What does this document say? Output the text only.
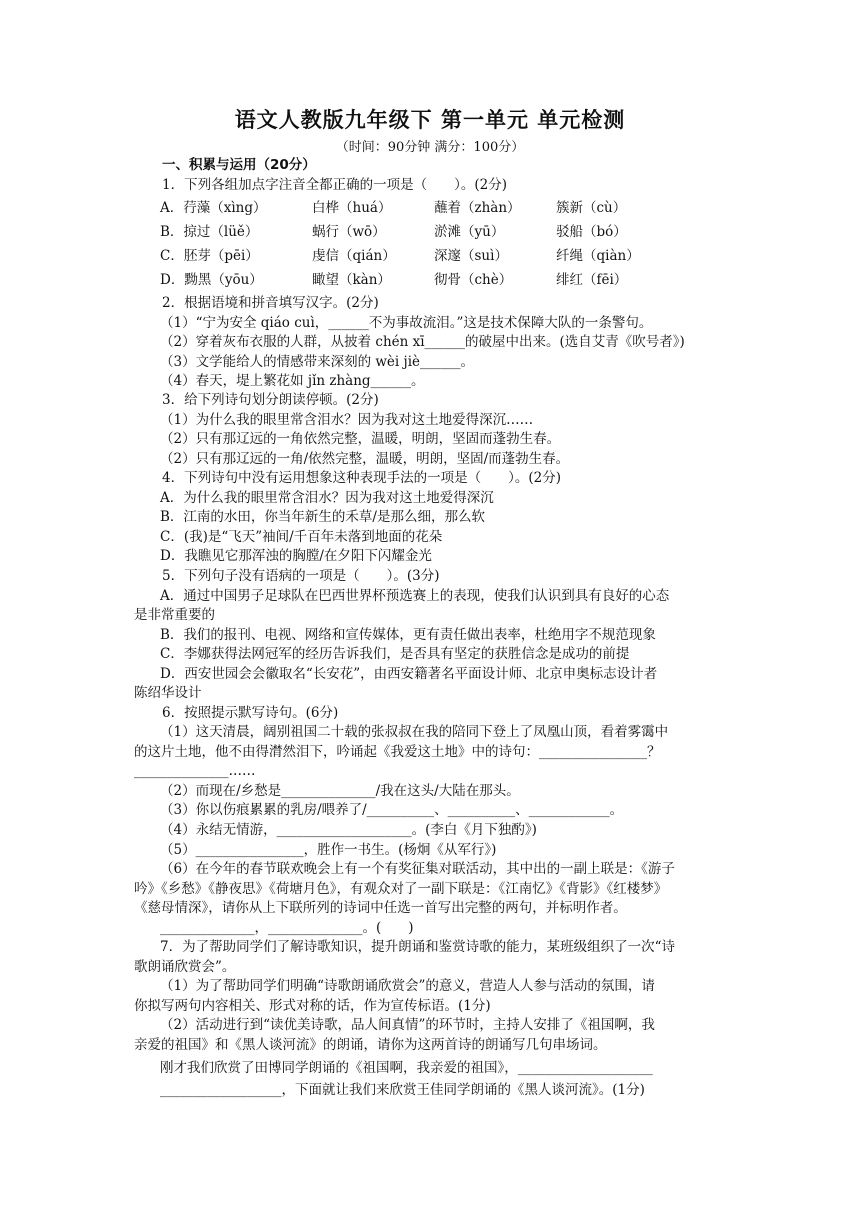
语文人教版九年级下 第一单元 单元检测
（时间：90分钟 满分：100分）
一、积累与运用（20分）
1．下列各组加点字注音全都正确的一项是（　　）。(2分)
A．荇藻（xìng）	白桦（huá）	蘸着（zhàn）	簇新（cù）
B．掠过（lüě）	蜗行（wō）	淤滩（yū）	驳船（bó）
C．胚芽（pēi）	虔信（qián）	深邃（suì）	纤绳（qiàn）
D．黝黑（yōu）	瞰望（kàn）	彻骨（chè）	绯红（fēi）
2．根据语境和拼音填写汉字。(2分)
（1）“宁为安全 qiáo cuì，______不为事故流泪。”这是技术保障大队的一条警句。
（2）穿着灰布衣服的人群，从披着 chén xī______的破屋中出来。(选自艾青《吹号者》)
（3）文学能给人的情感带来深刻的 wèi jiè______。
（4）春天，堤上繁花如 jǐn zhàng______。
3．给下列诗句划分朗读停顿。(2分)
（1）为什么我的眼里常含泪水？因为我对这土地爱得深沉……
（2）只有那辽远的一角依然完整，温暖，明朗，坚固而蓬勃生春。
（2）只有那辽远的一角/依然完整，温暖，明朗，坚固/而蓬勃生春。
4．下列诗句中没有运用想象这种表现手法的一项是（　　）。(2分)
A．为什么我的眼里常含泪水？因为我对这土地爱得深沉
B．江南的水田，你当年新生的禾草/是那么细，那么软
C．(我)是“飞天”袖间/千百年未落到地面的花朵
D．我瞧见它那浑浊的胸膛/在夕阳下闪耀金光
5．下列句子没有语病的一项是（　　）。(3分)
A．通过中国男子足球队在巴西世界杯预选赛上的表现，使我们认识到具有良好的心态
是非常重要的
B．我们的报刊、电视、网络和宣传媒体，更有责任做出表率，杜绝用字不规范现象
C．李娜获得法网冠军的经历告诉我们，是否具有坚定的获胜信念是成功的前提
D．西安世园会会徽取名“长安花”，由西安籍著名平面设计师、北京申奥标志设计者
陈绍华设计
6．按照提示默写诗句。(6分)
（1）这天清晨，阔别祖国二十载的张叔叔在我的陪同下登上了凤凰山顶，看着雾霭中
的这片土地，他不由得潸然泪下，吟诵起《我爱这土地》中的诗句：________________？
______________……
（2）而现在/乡愁是______________/我在这头/大陆在那头。
（3）你以伤痕累累的乳房/喂养了/__________、__________、____________。
（4）永结无情游，____________________。(李白《月下独酌》)
（5）________________，胜作一书生。(杨炯《从军行》)
（6）在今年的春节联欢晚会上有一个有奖征集对联活动，其中出的一副上联是：《游子
吟》《乡愁》《静夜思》《荷塘月色》，有观众对了一副下联是：《江南忆》《背影》《红楼梦》
《慈母情深》，请你从上下联所列的诗词中任选一首写出完整的两句，并标明作者。
______________，______________。(　　)
7．为了帮助同学们了解诗歌知识，提升朗诵和鉴赏诗歌的能力，某班级组织了一次“诗
歌朗诵欣赏会”。
（1）为了帮助同学们明确“诗歌朗诵欣赏会”的意义，营造人人参与活动的氛围，请
你拟写两句内容相关、形式对称的话，作为宣传标语。(1分)
（2）活动进行到“读优美诗歌，品人间真情”的环节时，主持人安排了《祖国啊，我
亲爱的祖国》和《黑人谈河流》的朗诵，请你为这两首诗的朗诵写几句串场词。
刚才我们欣赏了田博同学朗诵的《祖国啊，我亲爱的祖国》，____________________
__________________，下面就让我们来欣赏王佳同学朗诵的《黑人谈河流》。(1分)
